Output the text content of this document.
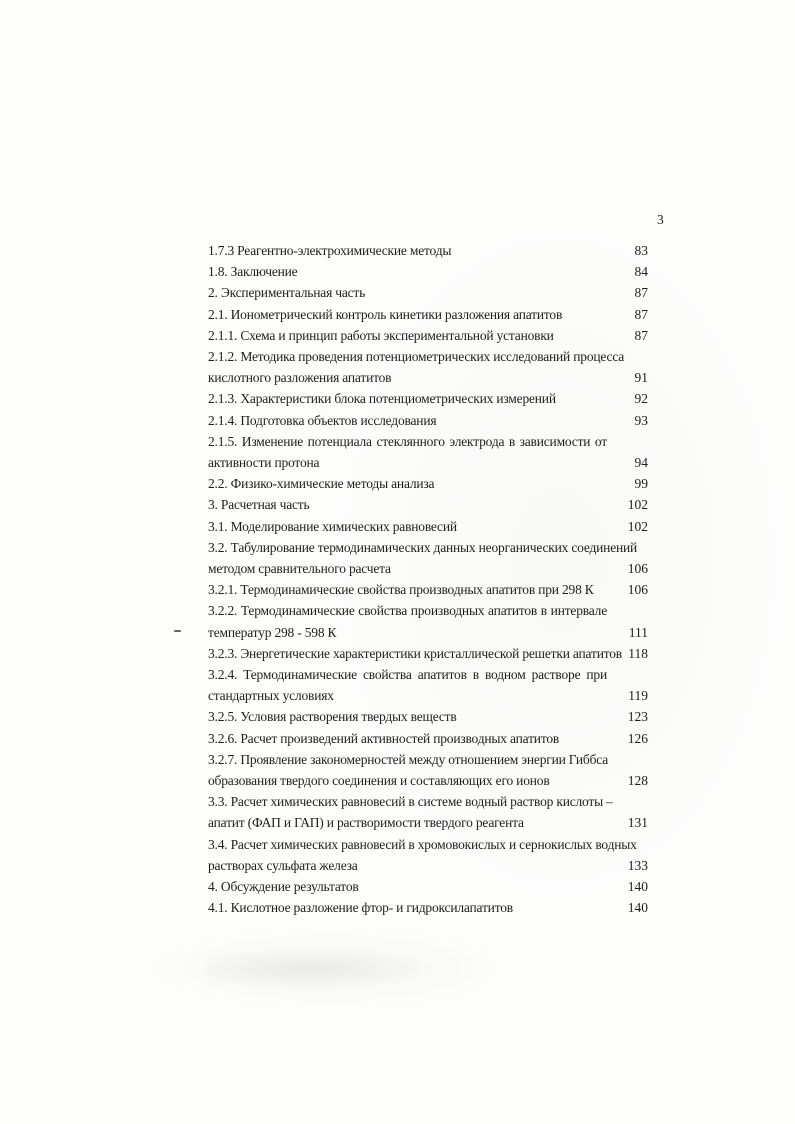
3
1.7.3 Реагентно-электрохимические методы	83
1.8. Заключение	84
2. Экспериментальная часть	87
2.1. Ионометрический контроль кинетики разложения апатитов	87
2.1.1. Схема и принцип работы экспериментальной установки	87
2.1.2. Методика проведения потенциометрических исследований процесса
кислотного разложения апатитов	91
2.1.3. Характеристики блока потенциометрических измерений	92
2.1.4. Подготовка объектов исследования	93
2.1.5. Изменение потенциала стеклянного электрода в зависимости от
активности протона	94
2.2. Физико-химические методы анализа	99
3. Расчетная часть	102
3.1. Моделирование химических равновесий	102
3.2. Табулирование термодинамических данных неорганических соединений
методом сравнительного расчета	106
3.2.1. Термодинамические свойства производных апатитов при 298 К	106
3.2.2. Термодинамические свойства производных апатитов в интервале
температур 298 - 598 К	111
3.2.3. Энергетические характеристики кристаллической решетки апатитов 118
3.2.4. Термодинамические свойства апатитов в водном растворе при
стандартных условиях	119
3.2.5. Условия растворения твердых веществ	123
3.2.6. Расчет произведений активностей производных апатитов	126
3.2.7. Проявление закономерностей между отношением энергии Гиббса
образования твердого соединения и составляющих его ионов	128
3.3. Расчет химических равновесий в системе водный раствор кислоты –
апатит (ФАП и ГАП) и растворимости твердого реагента	131
3.4. Расчет химических равновесий в хромовокислых и сернокислых водных
растворах сульфата железа	133
4. Обсуждение результатов	140
4.1. Кислотное разложение фтор- и гидроксилапатитов	140
